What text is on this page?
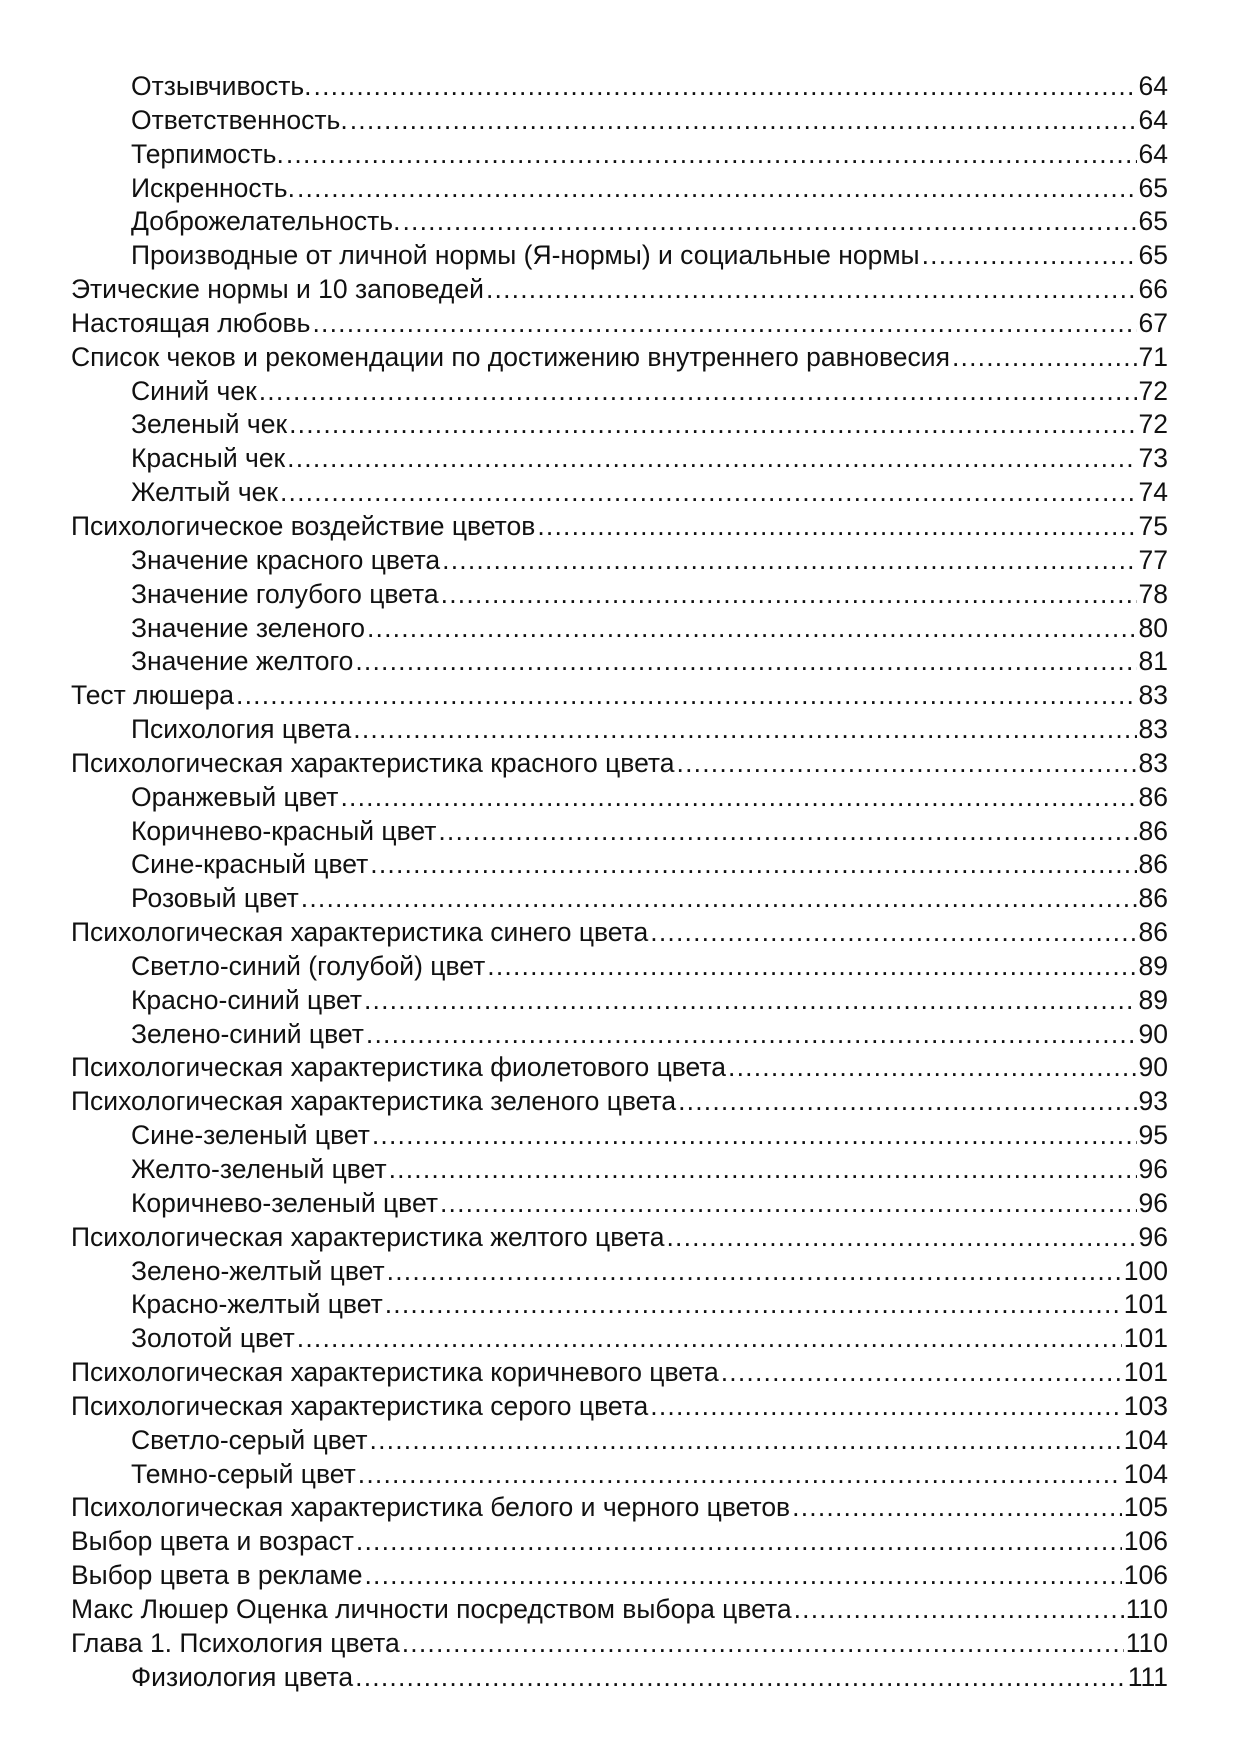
Отзывчивость. .....	64
Ответственность. .....	64
Терпимость. .....	64
Искренность. .....	65
Доброжелательность. .....	65
Производные от личной нормы (Я-нормы) и социальные нормы .....	65
Этические нормы и 10 заповедей .....	66
Настоящая любовь .....	67
Список чеков и рекомендации по достижению внутреннего равновесия .....	71
Синий чек .....	72
Зеленый чек .....	72
Красный чек .....	73
Желтый чек .....	74
Психологическое воздействие цветов .....	75
Значение красного цвета .....	77
Значение голубого цвета .....	78
Значение зеленого .....	80
Значение желтого .....	81
Тест люшера .....	83
Психология цвета .....	83
Психологическая характеристика красного цвета .....	83
Оранжевый цвет .....	86
Коричнево-красный цвет .....	86
Сине-красный цвет .....	86
Розовый цвет .....	86
Психологическая характеристика синего цвета .....	86
Светло-синий (голубой) цвет .....	89
Красно-синий цвет .....	89
Зелено-синий цвет .....	90
Психологическая характеристика фиолетового цвета .....	90
Психологическая характеристика зеленого цвета .....	93
Сине-зеленый цвет .....	95
Желто-зеленый цвет .....	96
Коричнево-зеленый цвет .....	96
Психологическая характеристика желтого цвета .....	96
Зелено-желтый цвет .....	100
Красно-желтый цвет .....	101
Золотой цвет .....	101
Психологическая характеристика коричневого цвета .....	101
Психологическая характеристика серого цвета .....	103
Светло-серый цвет .....	104
Темно-серый цвет .....	104
Психологическая характеристика белого и черного цветов .....	105
Выбор цвета и возраст .....	106
Выбор цвета в рекламе .....	106
Макс Люшер Оценка личности посредством выбора цвета .....	110
Глава 1. Психология цвета .....	110
Физиология цвета .....	111
